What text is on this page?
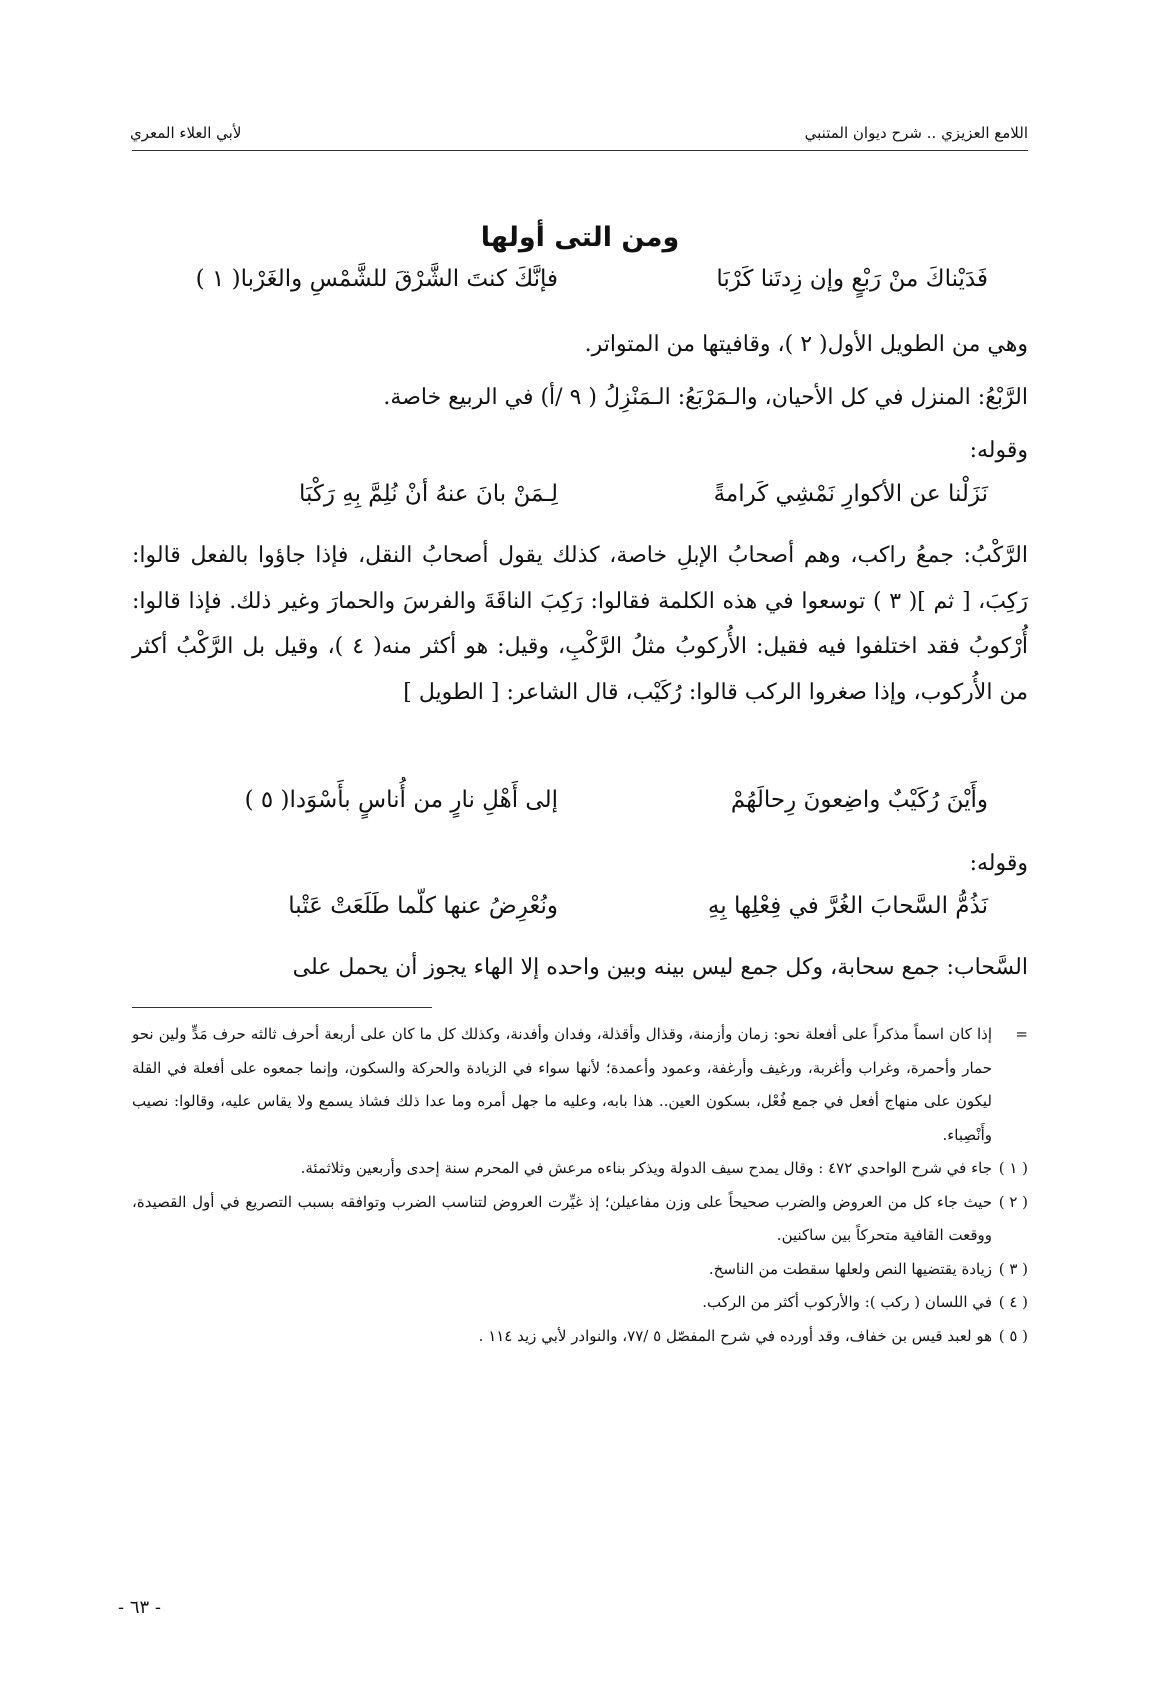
اللامع العزيزي .. شرح ديوان المتنبي
لأبي العلاء المعري
ومن التى أولها
فَدَيْناكَ منْ رَبْعٍ وإن زِدتَنا كَرْبَا
فإنَّكَ كنتَ الشَّرْقَ للشَّمْسِ والغَرْبا( ١ )
وهي من الطويل الأول( ٢ )، وقافيتها من المتواتر.
الرَّبْعُ: المنزل في كل الأحيان، والـمَرْبَعُ: الـمَنْزِلُ ( ٩ /أ) في الربيع خاصة.
وقوله:
نَزَلْنا عن الأكوارِ نَمْشِي كَرامةً
لِـمَنْ بانَ عنهُ أنْ نُلِمَّ بِهِ رَكْبَا
الرَّكْبُ: جمعُ راكب، وهم أصحابُ الإبلِ خاصة، كذلك يقول أصحابُ النقل، فإذا جاؤوا بالفعل قالوا: رَكِبَ، [ ثم ]( ٣ ) توسعوا في هذه الكلمة فقالوا: رَكِبَ الناقَةَ والفرسَ والحمارَ وغير ذلك. فإذا قالوا: أُرْكوبُ فقد اختلفوا فيه فقيل: الأُركوبُ مثلُ الرَّكْبِ، وقيل: هو أكثر منه( ٤ )، وقيل بل الرَّكْبُ أكثر من الأُركوب، وإذا صغروا الركب قالوا: رُكَيْب، قال الشاعر: [ الطويل ]
وأَيْنَ رُكَيْبٌ واضِعونَ رِحالَهُمْ
إلى أَهْلِ نارٍ من أُناسٍ بأَسْوَدا( ٥ )
وقوله:
نَذُمُّ السَّحابَ الغُرَّ في فِعْلِها بِهِ
ونُعْرِضُ عنها كلّما طَلَعَتْ عَتْبا
السَّحاب: جمع سحابة، وكل جمع ليس بينه وبين واحده إلا الهاء يجوز أن يحمل على
=
إذا كان اسماً مذكراً على أفعلة نحو: زمان وأزمنة، وقذال وأقذلة، وفدان وأفدنة، وكذلك كل ما كان على أربعة أحرف ثالثه حرف مَدٍّ ولين نحو حمار وأحمرة، وغراب وأغربة، ورغيف وأرغفة، وعمود وأعمدة؛ لأنها سواء في الزيادة والحركة والسكون، وإنما جمعوه على أفعلة في القلة ليكون على منهاج أفعل في جمع فُعْل، بسكون العين.. هذا بابه، وعليه ما جهل أمره وما عدا ذلك فشاذ يسمع ولا يقاس عليه، وقالوا: نصيب وأَنْصِباء.
( ١ )
جاء في شرح الواحدي ٤٧٢ : وقال يمدح سيف الدولة ويذكر بناءه مرعش في المحرم سنة إحدى وأربعين وثلاثمئة.
( ٢ )
حيث جاء كل من العروض والضرب صحيحاً على وزن مفاعيلن؛ إذ غيِّرت العروض لتناسب الضرب وتوافقه بسبب التصريع في أول القصيدة، ووقعت القافية متحركاً بين ساكنين.
( ٣ )
زيادة يقتضيها النص ولعلها سقطت من الناسخ.
( ٤ )
في اللسان ( ركب ): والأركوب أكثر من الركب.
( ٥ )
هو لعبد قيس بن خفاف، وقد أورده في شرح المفصّل ٥ /٧٧، والنوادر لأبي زيد ١١٤ .
- ٦٣ -
